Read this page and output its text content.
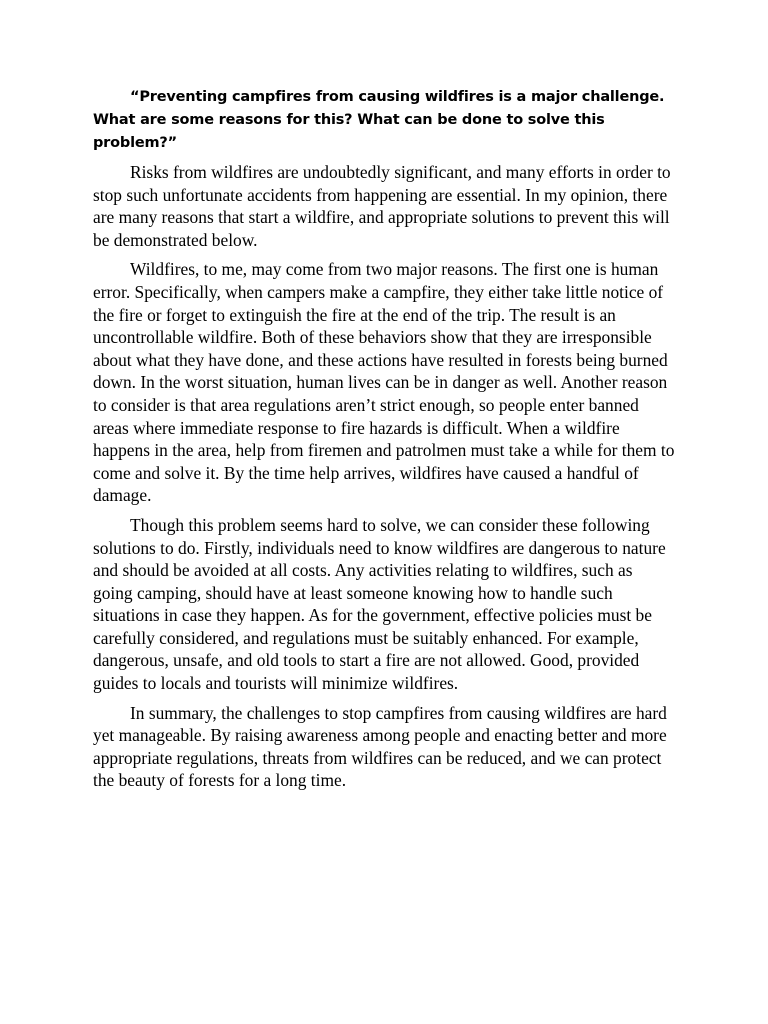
“Preventing campfires from causing wildfires is a major challenge. What are some reasons for this? What can be done to solve this problem?”

Risks from wildfires are undoubtedly significant, and many efforts in order to stop such unfortunate accidents from happening are essential. In my opinion, there are many reasons that start a wildfire, and appropriate solutions to prevent this will be demonstrated below.

Wildfires, to me, may come from two major reasons. The first one is human error. Specifically, when campers make a campfire, they either take little notice of the fire or forget to extinguish the fire at the end of the trip. The result is an uncontrollable wildfire. Both of these behaviors show that they are irresponsible about what they have done, and these actions have resulted in forests being burned down. In the worst situation, human lives can be in danger as well. Another reason to consider is that area regulations aren’t strict enough, so people enter banned areas where immediate response to fire hazards is difficult. When a wildfire happens in the area, help from firemen and patrolmen must take a while for them to come and solve it. By the time help arrives, wildfires have caused a handful of damage.

Though this problem seems hard to solve, we can consider these following solutions to do. Firstly, individuals need to know wildfires are dangerous to nature and should be avoided at all costs. Any activities relating to wildfires, such as going camping, should have at least someone knowing how to handle such situations in case they happen. As for the government, effective policies must be carefully considered, and regulations must be suitably enhanced. For example, dangerous, unsafe, and old tools to start a fire are not allowed. Good, provided guides to locals and tourists will minimize wildfires.

In summary, the challenges to stop campfires from causing wildfires are hard yet manageable. By raising awareness among people and enacting better and more appropriate regulations, threats from wildfires can be reduced, and we can protect the beauty of forests for a long time.
